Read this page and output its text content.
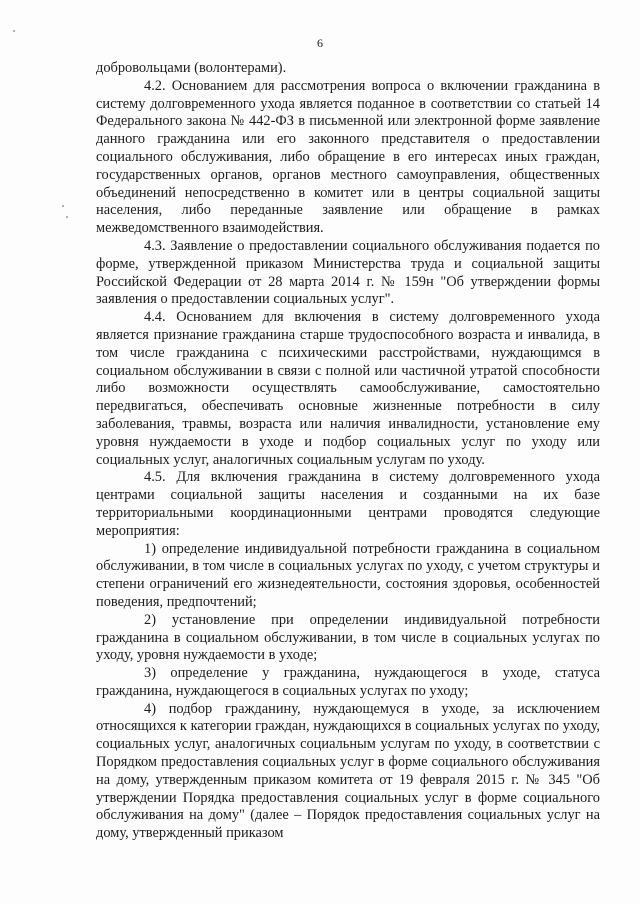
6

добровольцами (волонтерами).

4.2. Основанием для рассмотрения вопроса о включении гражданина в систему долговременного ухода является поданное в соответствии со статьей 14 Федерального закона № 442-ФЗ в письменной или электронной форме заявление данного гражданина или его законного представителя о предоставлении социального обслуживания, либо обращение в его интересах иных граждан, государственных органов, органов местного самоуправления, общественных объединений непосредственно в комитет или в центры социальной защиты населения, либо переданные заявление или обращение в рамках межведомственного взаимодействия.

4.3. Заявление о предоставлении социального обслуживания подается по форме, утвержденной приказом Министерства труда и социальной защиты Российской Федерации от 28 марта 2014 г. № 159н "Об утверждении формы заявления о предоставлении социальных услуг".

4.4. Основанием для включения в систему долговременного ухода является признание гражданина старше трудоспособного возраста и инвалида, в том числе гражданина с психическими расстройствами, нуждающимся в социальном обслуживании в связи с полной или частичной утратой способности либо возможности осуществлять самообслуживание, самостоятельно передвигаться, обеспечивать основные жизненные потребности в силу заболевания, травмы, возраста или наличия инвалидности, установление ему уровня нуждаемости в уходе и подбор социальных услуг по уходу или социальных услуг, аналогичных социальным услугам по уходу.

4.5. Для включения гражданина в систему долговременного ухода центрами социальной защиты населения и созданными на их базе территориальными координационными центрами проводятся следующие мероприятия:

1) определение индивидуальной потребности гражданина в социальном обслуживании, в том числе в социальных услугах по уходу, с учетом структуры и степени ограничений его жизнедеятельности, состояния здоровья, особенностей поведения, предпочтений;

2) установление при определении индивидуальной потребности гражданина в социальном обслуживании, в том числе в социальных услугах по уходу, уровня нуждаемости в уходе;

3) определение у гражданина, нуждающегося в уходе, статуса гражданина, нуждающегося в социальных услугах по уходу;

4) подбор гражданину, нуждающемуся в уходе, за исключением относящихся к категории граждан, нуждающихся в социальных услугах по уходу, социальных услуг, аналогичных социальным услугам по уходу, в соответствии с Порядком предоставления социальных услуг в форме социального обслуживания на дому, утвержденным приказом комитета от 19 февраля 2015 г. № 345 "Об утверждении Порядка предоставления социальных услуг в форме социального обслуживания на дому" (далее – Порядок предоставления социальных услуг на дому, утвержденный приказом
